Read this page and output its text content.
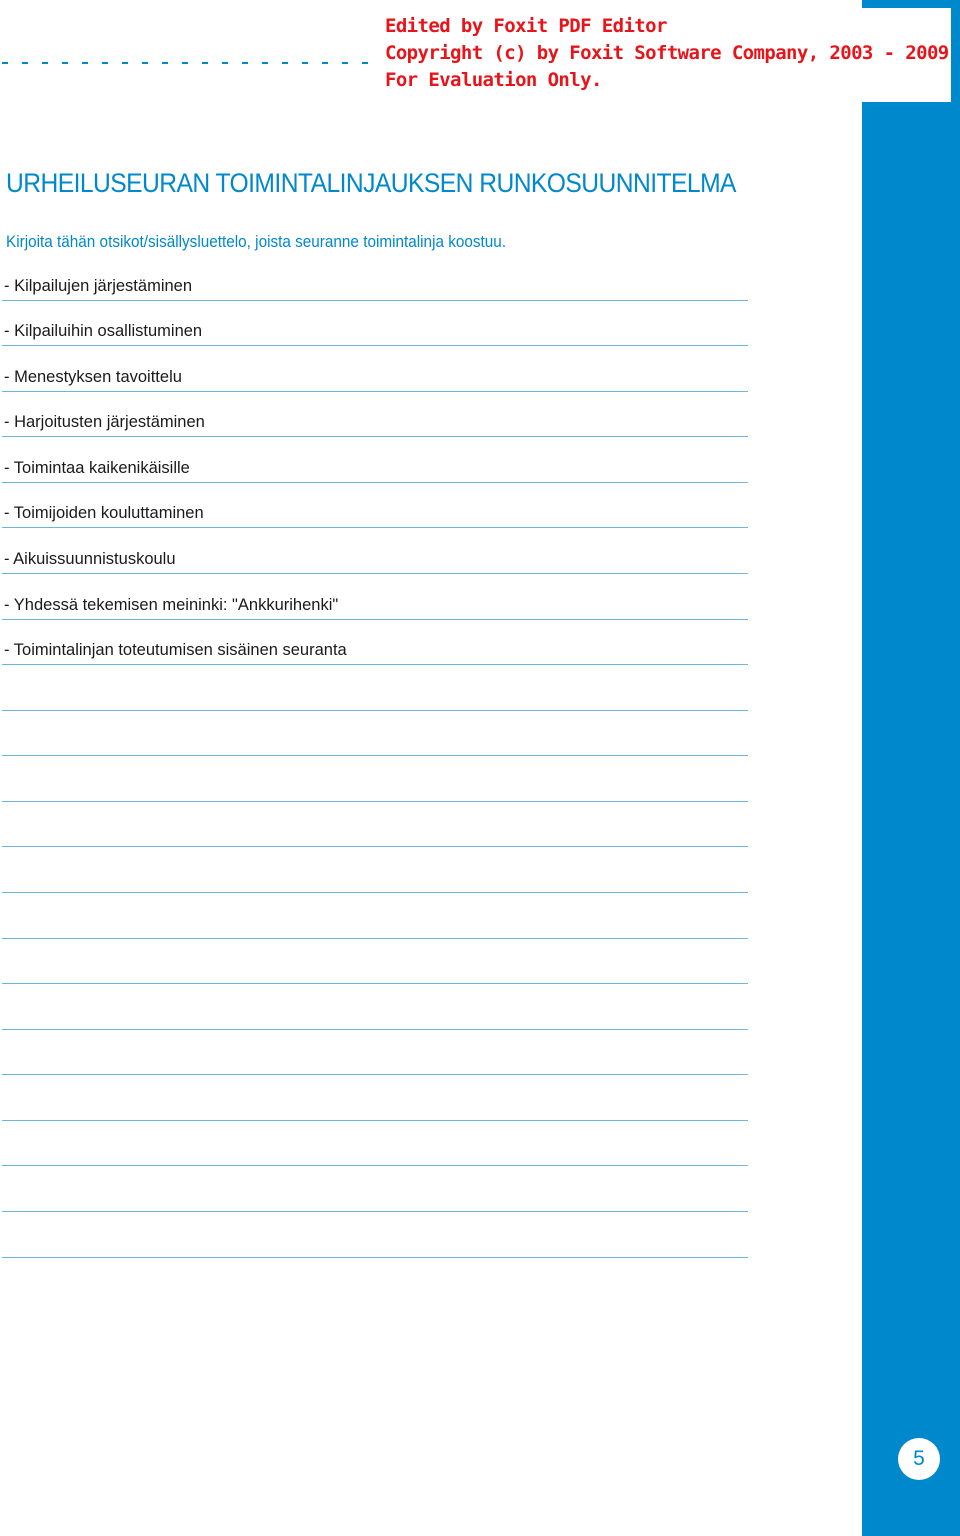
Edited by Foxit PDF Editor
Copyright (c) by Foxit Software Company, 2003 - 2009
For Evaluation Only.
URHEILUSEURAN TOIMINTALINJAUKSEN RUNKOSUUNNITELMA

Kirjoita tähän otsikot/sisällysluettelo, joista seuranne toimintalinja koostuu.

- Kilpailujen järjestäminen
- Kilpailuihin osallistuminen
- Menestyksen tavoittelu
- Harjoitusten järjestäminen
- Toimintaa kaikenikäisille
- Toimijoiden kouluttaminen
- Aikuissuunnistuskoulu
- Yhdessä tekemisen meininki: "Ankkurihenki"
- Toimintalinjan toteutumisen sisäinen seuranta
5
